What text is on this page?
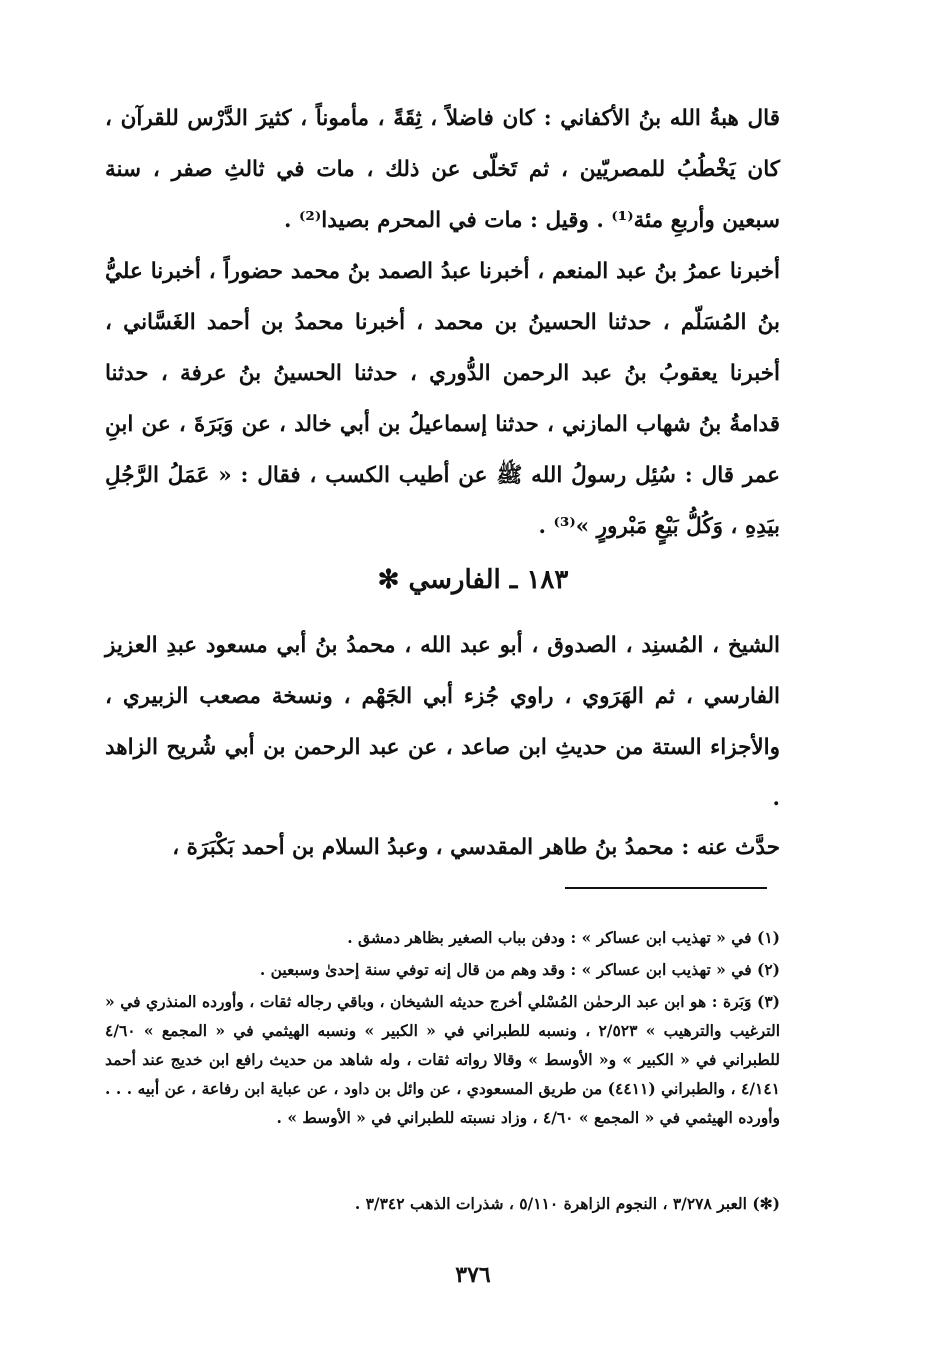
قال هبةُ الله بنُ الأكفاني : كان فاضلاً ، ثِقَةً ، مأموناً ، كثيرَ الدَّرْس للقرآن ، كان يَخْطُبُ للمصريّين ، ثم تَخلّى عن ذلك ، مات في ثالثِ صفر ، سنة سبعين وأربعِ مئة⁽¹⁾ . وقيل : مات في المحرم بصيدا⁽²⁾ .

أخبرنا عمرُ بنُ عبد المنعم ، أخبرنا عبدُ الصمد بنُ محمد حضوراً ، أخبرنا عليُّ بنُ المُسَلّم ، حدثنا الحسينُ بن محمد ، أخبرنا محمدُ بن أحمد الغَسَّاني ، أخبرنا يعقوبُ بنُ عبد الرحمن الدُّوري ، حدثنا الحسينُ بنُ عرفة ، حدثنا قدامةُ بنُ شهاب المازني ، حدثنا إسماعيلُ بن أبي خالد ، عن وَبَرَةَ ، عن ابنِ عمر قال : سُئِل رسولُ الله ﷺ عن أطيب الكسب ، فقال : « عَمَلُ الرَّجُلِ بيَدِهِ ، وَكُلُّ بَيْعٍ مَبْرورٍ »⁽³⁾ .

١٨٣ ـ الفارسي ✻

الشيخ ، المُسنِد ، الصدوق ، أبو عبد الله ، محمدُ بنُ أبي مسعود عبدِ العزيز الفارسي ، ثم الهَرَوي ، راوي جُزء أبي الجَهْم ، ونسخة مصعب الزبيري ، والأجزاء الستة من حديثِ ابن صاعد ، عن عبد الرحمن بن أبي شُريح الزاهد .

حدَّث عنه : محمدُ بنُ طاهر المقدسي ، وعبدُ السلام بن أحمد بَكْبَرَة ،

(١) في « تهذيب ابن عساكر » : ودفن بباب الصغير بظاهر دمشق .

(٢) في « تهذيب ابن عساكر » : وقد وهم من قال إنه توفي سنة إحدىٰ وسبعين .

(٣) وَبَرة : هو ابن عبد الرحمٰن المُسْلي أخرج حديثه الشيخان ، وباقي رجاله ثقات ، وأورده المنذري في « الترغيب والترهيب » ٢/٥٢٣ ، ونسبه للطبراني في « الكبير » ونسبه الهيثمي في « المجمع » ٤/٦٠ للطبراني في « الكبير » و« الأوسط » وقالا رواته ثقات ، وله شاهد من حديث رافع ابن خديج عند أحمد ٤/١٤١ ، والطبراني (٤٤١١) من طريق المسعودي ، عن وائل بن داود ، عن عباية ابن رفاعة ، عن أبيه . . . وأورده الهيثمي في « المجمع » ٤/٦٠ ، وزاد نسبته للطبراني في « الأوسط » .

(✻) العبر ٣/٢٧٨ ، النجوم الزاهرة ٥/١١٠ ، شذرات الذهب ٣/٣٤٢ .

٣٧٦
